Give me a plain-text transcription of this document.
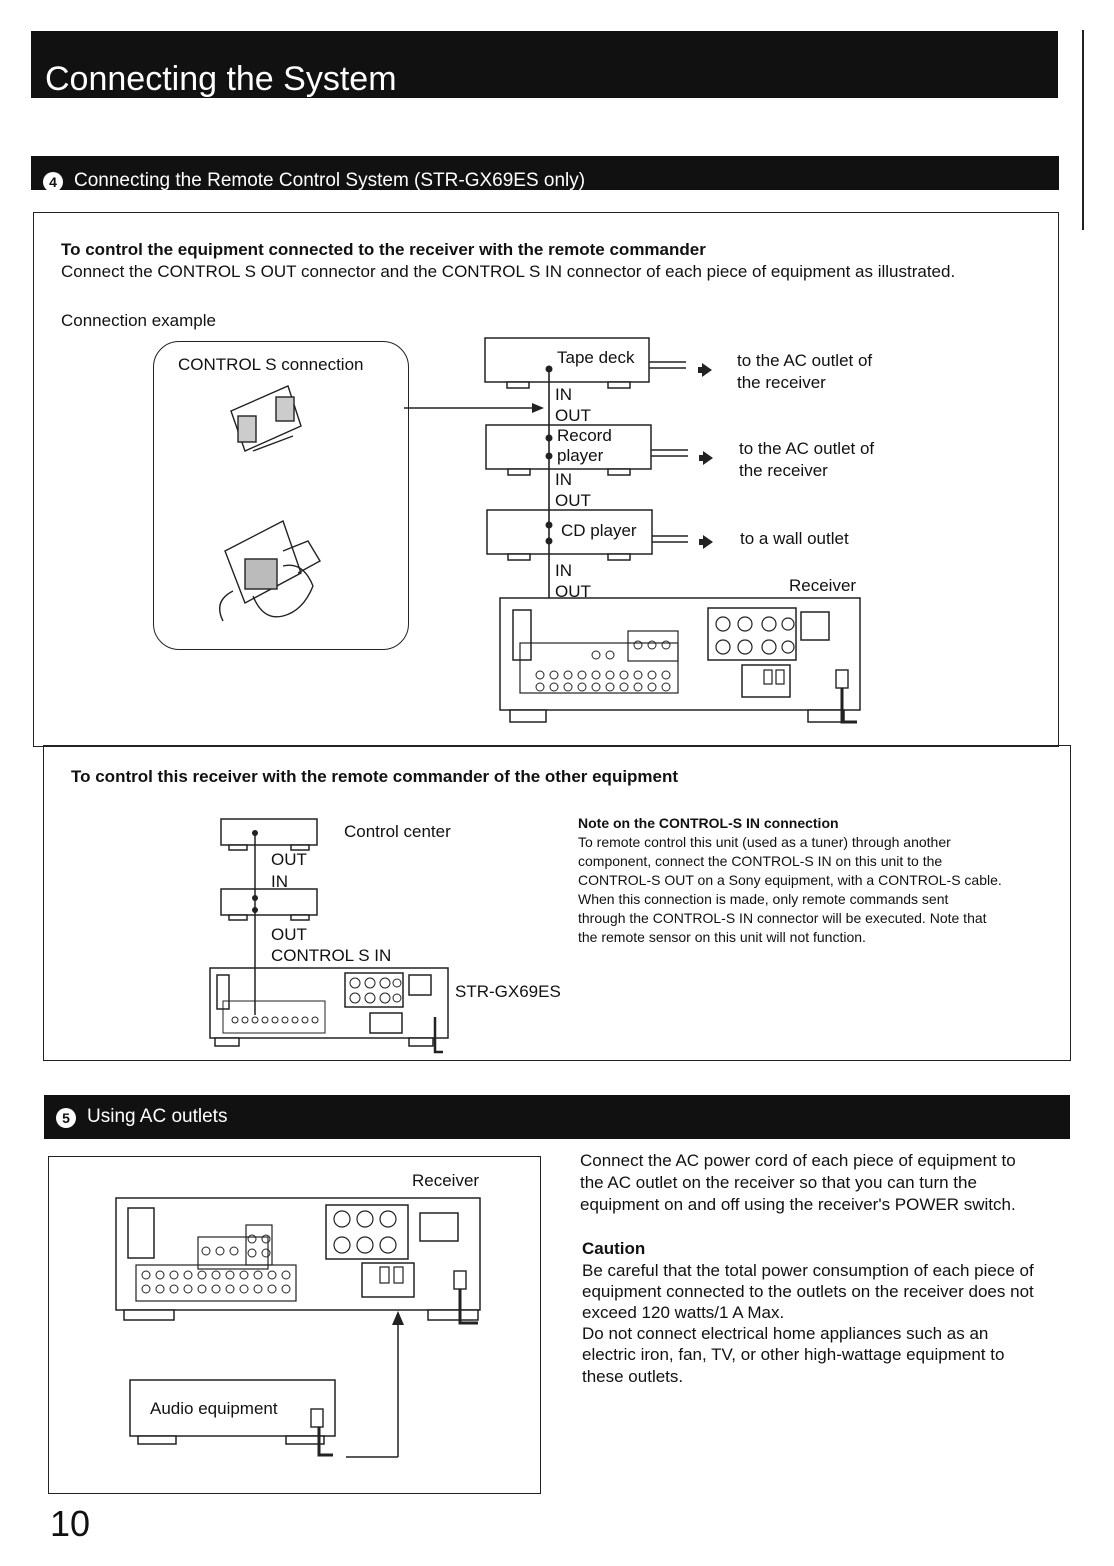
Connecting the System
4 Connecting the Remote Control System (STR-GX69ES only)
To control the equipment connected to the receiver with the remote commander
Connect the CONTROL S OUT connector and the CONTROL S IN connector of each piece of equipment as illustrated.
Connection example
CONTROL S connection	Tape deck
IN
OUT
Record
player
IN
OUT
CD player
IN
OUT	Receiver
to the AC outlet of
the receiver
to the AC outlet of
the receiver
to a wall outlet
To control this receiver with the remote commander of the other equipment
Control center
OUT
IN
OUT
CONTROL S IN
STR-GX69ES
Note on the CONTROL-S IN connection
To remote control this unit (used as a tuner) through another
component, connect the CONTROL-S IN on this unit to the
CONTROL-S OUT on a Sony equipment, with a CONTROL-S cable.
When this connection is made, only remote commands sent
through the CONTROL-S IN connector will be executed. Note that
the remote sensor on this unit will not function.
5 Using AC outlets
Receiver
Audio equipment
Connect the AC power cord of each piece of equipment to
the AC outlet on the receiver so that you can turn the
equipment on and off using the receiver's POWER switch.
Caution
Be careful that the total power consumption of each piece of
equipment connected to the outlets on the receiver does not
exceed 120 watts/1 A Max.
Do not connect electrical home appliances such as an
electric iron, fan, TV, or other high-wattage equipment to
these outlets.
10
